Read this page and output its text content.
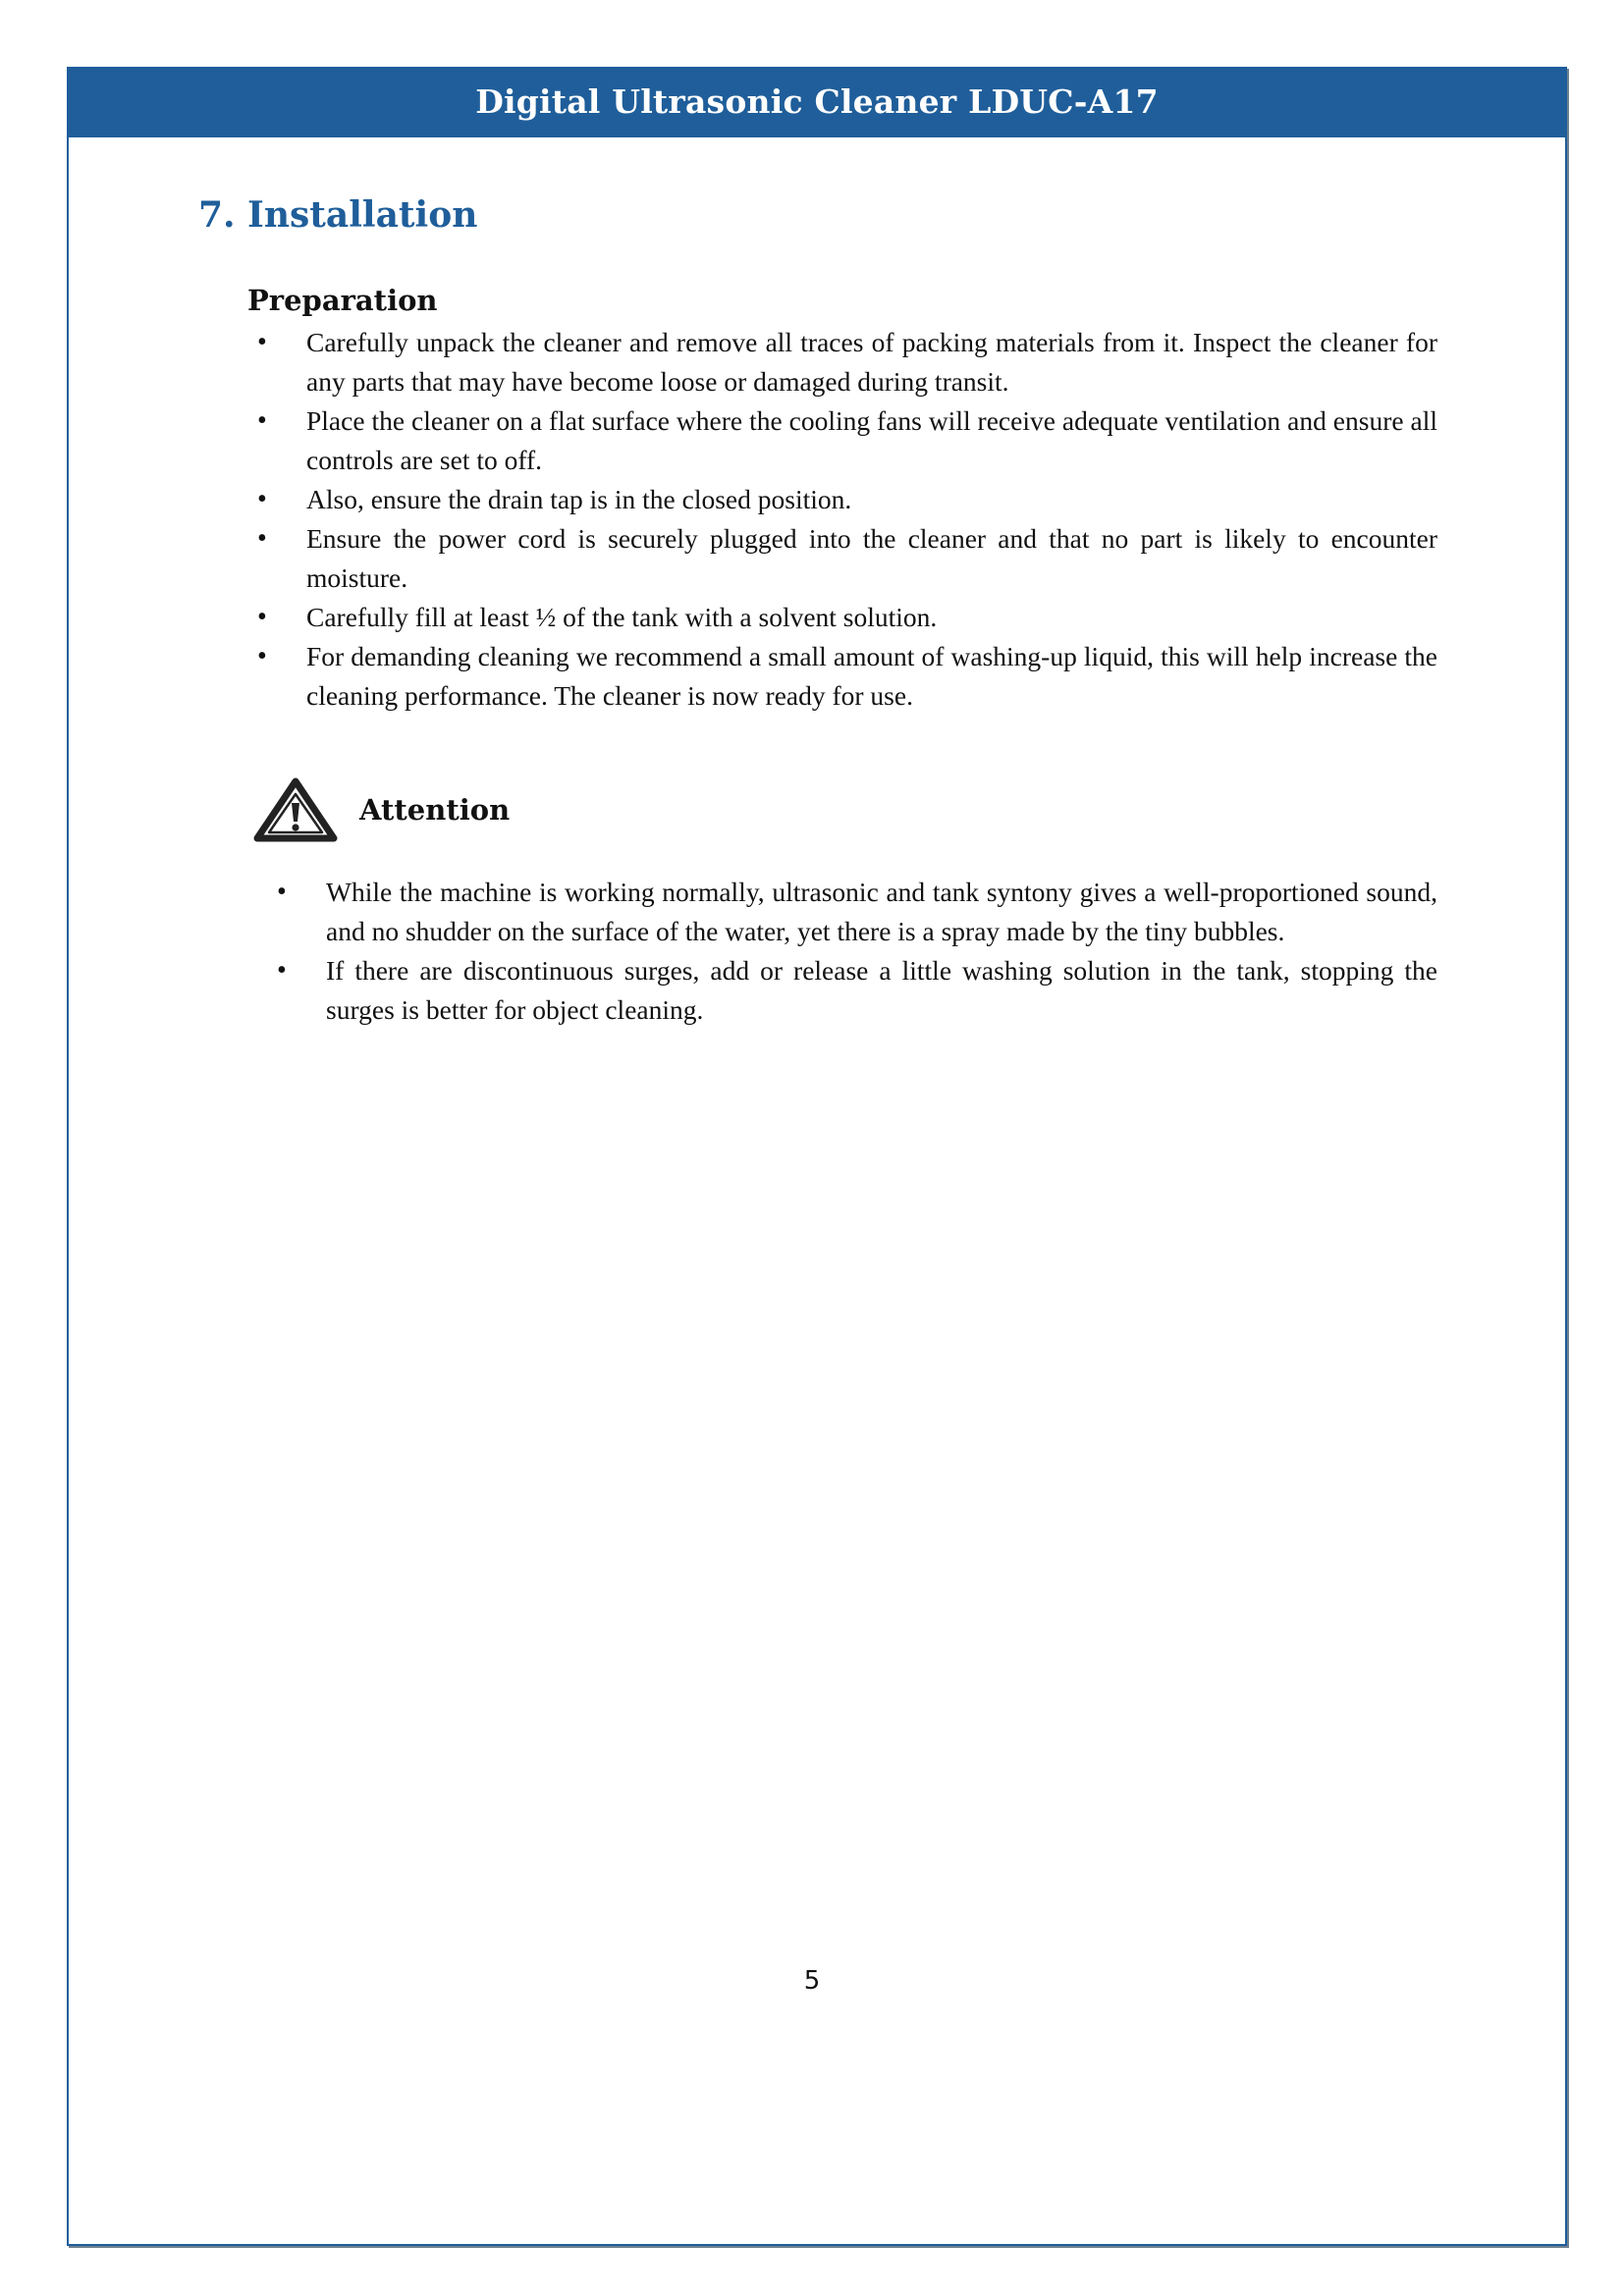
Digital Ultrasonic Cleaner LDUC-A17
7. Installation
Preparation
• Carefully unpack the cleaner and remove all traces of packing materials from it. Inspect the cleaner for any parts that may have become loose or damaged during transit.
• Place the cleaner on a flat surface where the cooling fans will receive adequate ventilation and ensure all controls are set to off.
• Also, ensure the drain tap is in the closed position.
• Ensure the power cord is securely plugged into the cleaner and that no part is likely to encounter moisture.
• Carefully fill at least ½ of the tank with a solvent solution.
• For demanding cleaning we recommend a small amount of washing-up liquid, this will help increase the cleaning performance. The cleaner is now ready for use.
Attention
• While the machine is working normally, ultrasonic and tank syntony gives a well-proportioned sound, and no shudder on the surface of the water, yet there is a spray made by the tiny bubbles.
• If there are discontinuous surges, add or release a little washing solution in the tank, stopping the surges is better for object cleaning.
5
